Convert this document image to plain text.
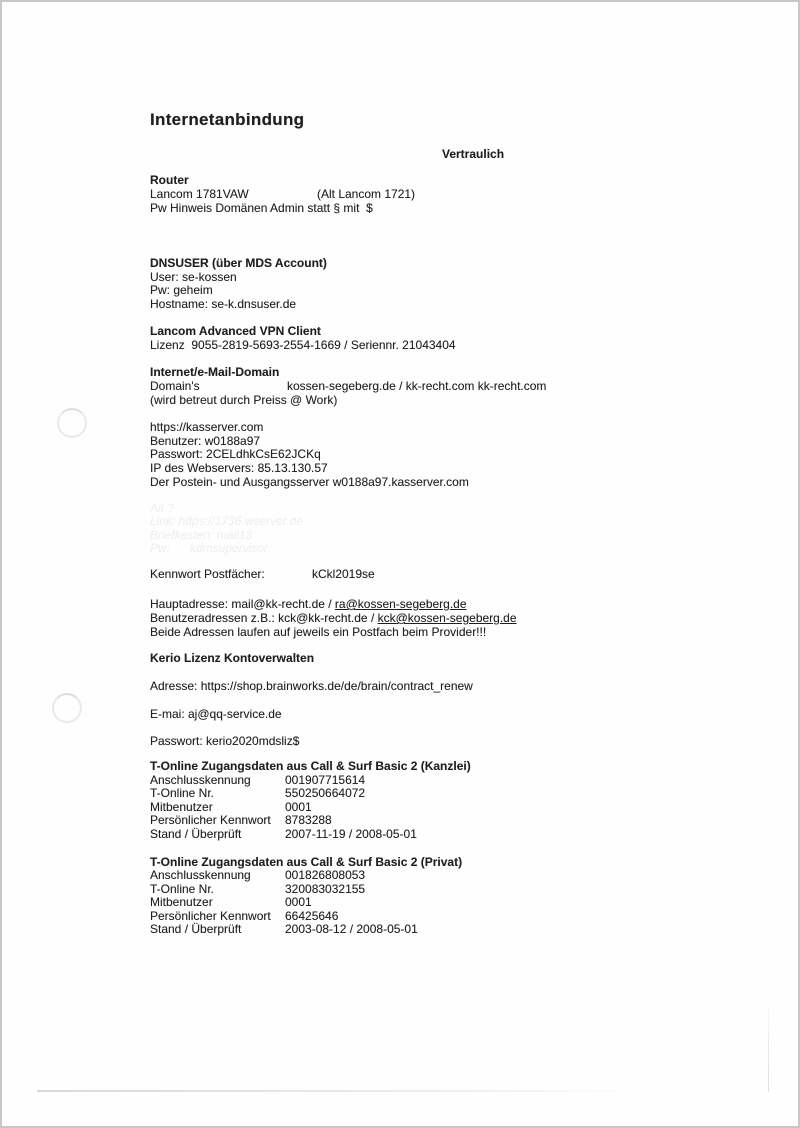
Internetanbindung
Vertraulich
Router
Lancom 1781VAW	(Alt Lancom 1721)
Pw Hinweis Domänen Admin statt § mit  $
DNSUSER (über MDS Account)
User: se-kossen
Pw: geheim
Hostname: se-k.dnsuser.de
Lancom Advanced VPN Client
Lizenz  9055-2819-5693-2554-1669 / Seriennr. 21043404
Internet/e-Mail-Domain
Domain's	kossen-segeberg.de / kk-recht.com kk-recht.com
(wird betreut durch Preiss @ Work)
https://kasserver.com
Benutzer: w0188a97
Passwort: 2CELdhkCsE62JCKq
IP des Webservers: 85.13.130.57
Der Postein- und Ausgangsserver w0188a97.kasserver.com
Alt ?
Link: https://1736.wserver.de
Briefkasten: mail13
Pw:      kdmsupervisor
Kennwort Postfächer:	kCkl2019se
Hauptadresse: mail@kk-recht.de / ra@kossen-segeberg.de
Benutzeradressen z.B.: kck@kk-recht.de / kck@kossen-segeberg.de
Beide Adressen laufen auf jeweils ein Postfach beim Provider!!!
Kerio Lizenz Kontoverwalten
Adresse: https://shop.brainworks.de/de/brain/contract_renew
E-mai: aj@qq-service.de
Passwort: kerio2020mdsliz$
T-Online Zugangsdaten aus Call & Surf Basic 2 (Kanzlei)
Anschlusskennung	001907715614
T-Online Nr.	550250664072
Mitbenutzer	0001
Persönlicher Kennwort 8783288
Stand / Überprüft	2007-11-19 / 2008-05-01
T-Online Zugangsdaten aus Call & Surf Basic 2 (Privat)
Anschlusskennung	001826808053
T-Online Nr.	320083032155
Mitbenutzer	0001
Persönlicher Kennwort 66425646
Stand / Überprüft	2003-08-12 / 2008-05-01
